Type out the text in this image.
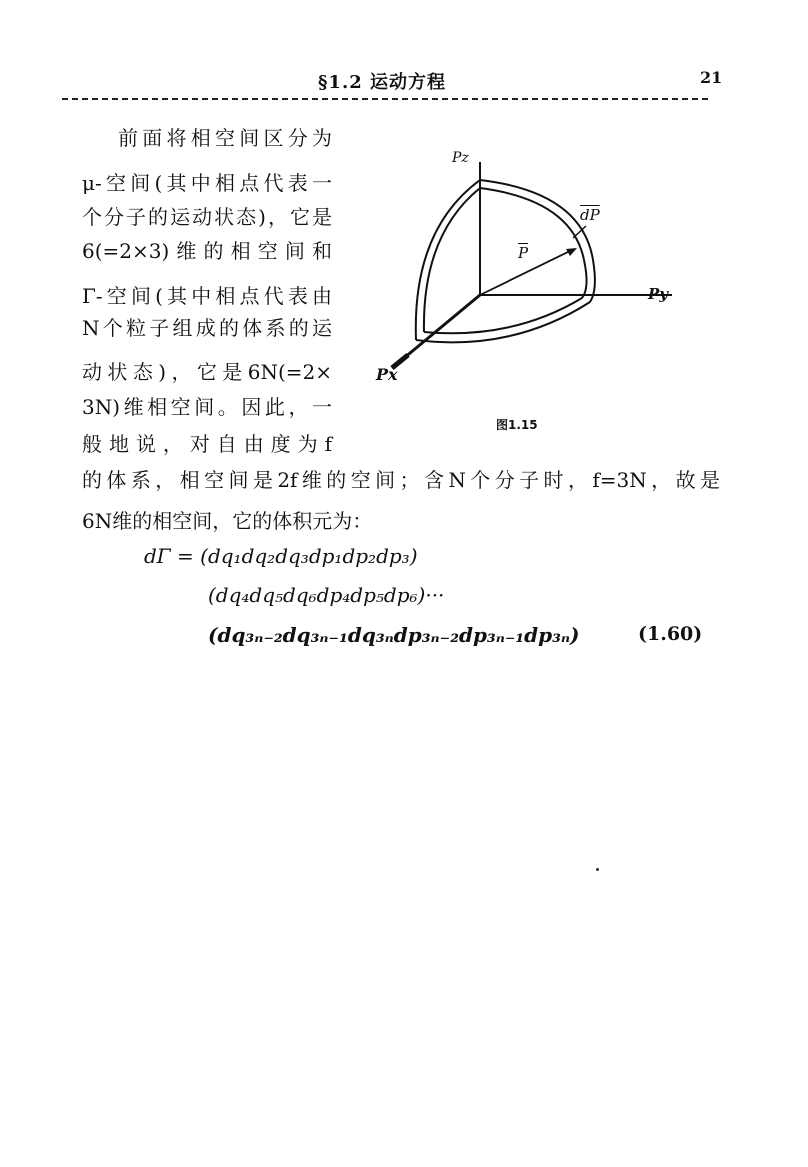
§1.2 运动方程	21
前面将相空间区分为
μ-空间(其中相点代表一
个分子的运动状态)，它是
6(=2×3)维的相空间和
Γ-空间(其中相点代表由
N个粒子组成的体系的运
动状态)，它是6N(=2×
3N)维相空间。因此，一
般地说，对自由度为f
的体系，相空间是2f维的空间；含N个分子时，f=3N，故是
6N维的相空间，它的体积元为：
Pz
Py
Px
$\overline{P}$
$\overline{dP}$
图1.15
dΓ = (dq₁dq₂dq₃dp₁dp₂dp₃)
(dq₄dq₅dq₆dp₄dp₅dp₆)···
(dq₃ₙ₋₂dq₃ₙ₋₁dq₃ₙdp₃ₙ₋₂dp₃ₙ₋₁dp₃ₙ)	(1.60)
